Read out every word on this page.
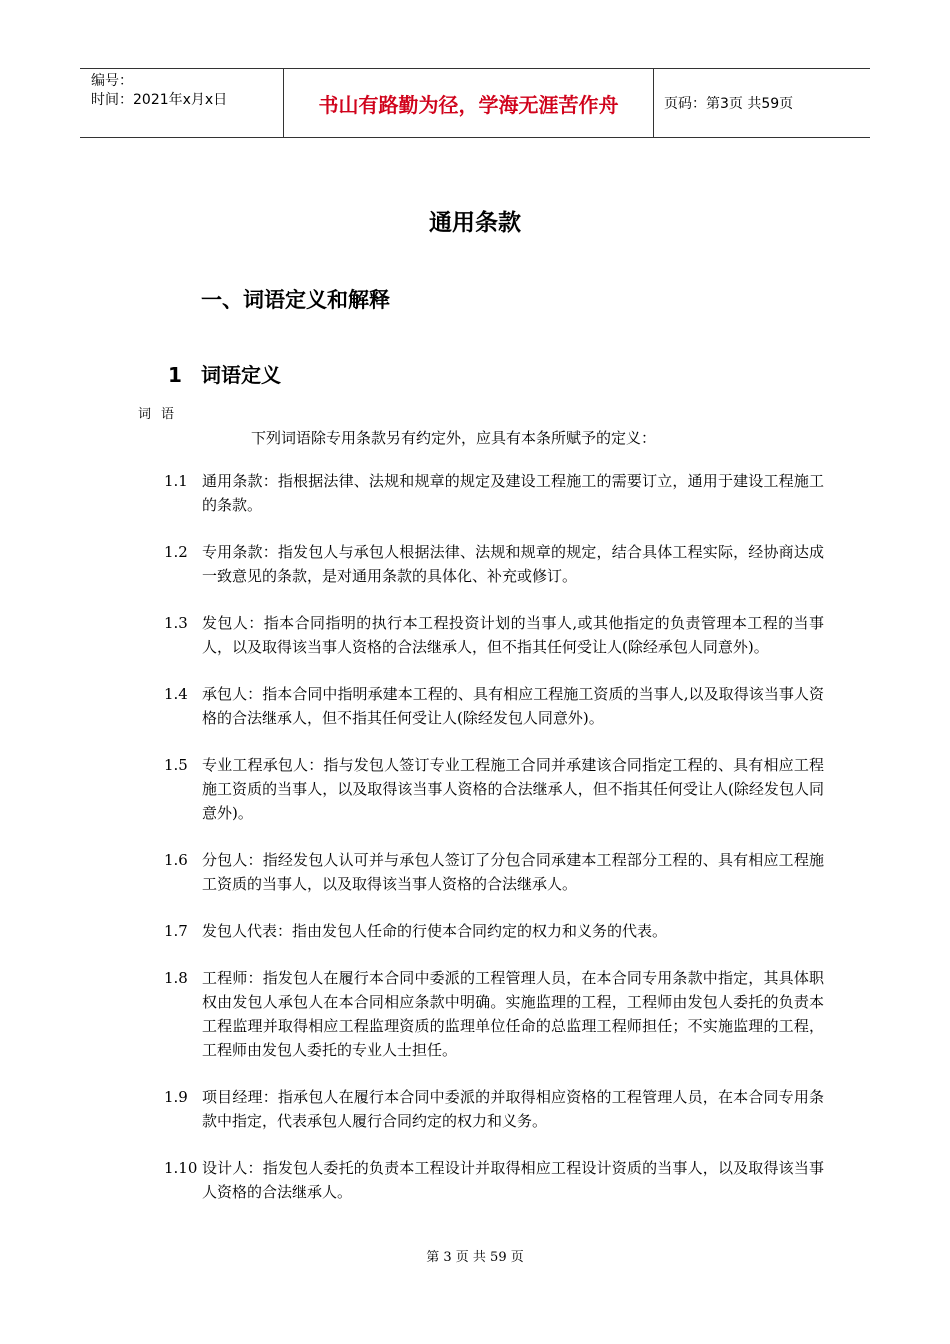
编号：
时间：2021年x月x日	书山有路勤为径，学海无涯苦作舟	页码：第3页 共59页
通用条款
一、词语定义和解释
1 词语定义
词语
下列词语除专用条款另有约定外，应具有本条所赋予的定义：
1.1 通用条款：指根据法律、法规和规章的规定及建设工程施工的需要订立，通用于建设工程施工的条款。
1.2 专用条款：指发包人与承包人根据法律、法规和规章的规定，结合具体工程实际，经协商达成一致意见的条款，是对通用条款的具体化、补充或修订。
1.3 发包人：指本合同指明的执行本工程投资计划的当事人,或其他指定的负责管理本工程的当事人，以及取得该当事人资格的合法继承人，但不指其任何受让人(除经承包人同意外)。
1.4 承包人：指本合同中指明承建本工程的、具有相应工程施工资质的当事人,以及取得该当事人资格的合法继承人，但不指其任何受让人(除经发包人同意外)。
1.5 专业工程承包人：指与发包人签订专业工程施工合同并承建该合同指定工程的、具有相应工程施工资质的当事人，以及取得该当事人资格的合法继承人，但不指其任何受让人(除经发包人同意外)。
1.6 分包人：指经发包人认可并与承包人签订了分包合同承建本工程部分工程的、具有相应工程施工资质的当事人，以及取得该当事人资格的合法继承人。
1.7 发包人代表：指由发包人任命的行使本合同约定的权力和义务的代表。
1.8 工程师：指发包人在履行本合同中委派的工程管理人员，在本合同专用条款中指定，其具体职权由发包人承包人在本合同相应条款中明确。实施监理的工程，工程师由发包人委托的负责本工程监理并取得相应工程监理资质的监理单位任命的总监理工程师担任；不实施监理的工程，工程师由发包人委托的专业人士担任。
1.9 项目经理：指承包人在履行本合同中委派的并取得相应资格的工程管理人员，在本合同专用条款中指定，代表承包人履行合同约定的权力和义务。
1.10 设计人：指发包人委托的负责本工程设计并取得相应工程设计资质的当事人，以及取得该当事人资格的合法继承人。
第 3 页 共 59 页
